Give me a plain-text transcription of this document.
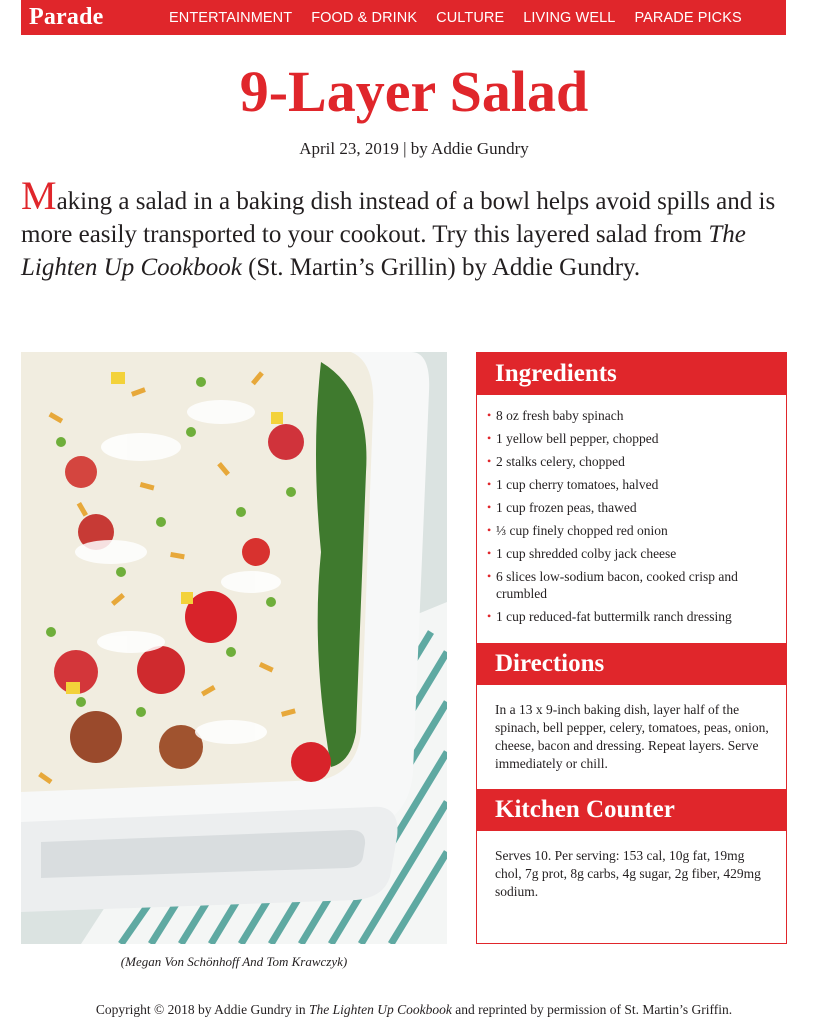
Parade	ENTERTAINMENT FOOD & DRINK CULTURE LIVING WELL PARADE PICKS
9-Layer Salad
April 23, 2019 | by Addie Gundry

Making a salad in a baking dish instead of a bowl helps avoid spills and is more easily transported to your cookout. Try this layered salad from The Lighten Up Cookbook (St. Martin’s Grillin) by Addie Gundry.

(Megan Von Schönhoff And Tom Krawczyk)
Ingredients
• 8 oz fresh baby spinach
• 1 yellow bell pepper, chopped
• 2 stalks celery, chopped
• 1 cup cherry tomatoes, halved
• 1 cup frozen peas, thawed
• ⅓ cup finely chopped red onion
• 1 cup shredded colby jack cheese
• 6 slices low-sodium bacon, cooked crisp and crumbled
• 1 cup reduced-fat buttermilk ranch dressing
Directions

In a 13 x 9-inch baking dish, layer half of the spinach, bell pepper, celery, tomatoes, peas, onion, cheese, bacon and dressing. Repeat layers. Serve immediately or chill.

Kitchen Counter

Serves 10. Per serving: 153 cal, 10g fat, 19mg chol, 7g prot, 8g carbs, 4g sugar, 2g fiber, 429mg sodium.

Copyright © 2018 by Addie Gundry in The Lighten Up Cookbook and reprinted by permission of St. Martin’s Griffin.
